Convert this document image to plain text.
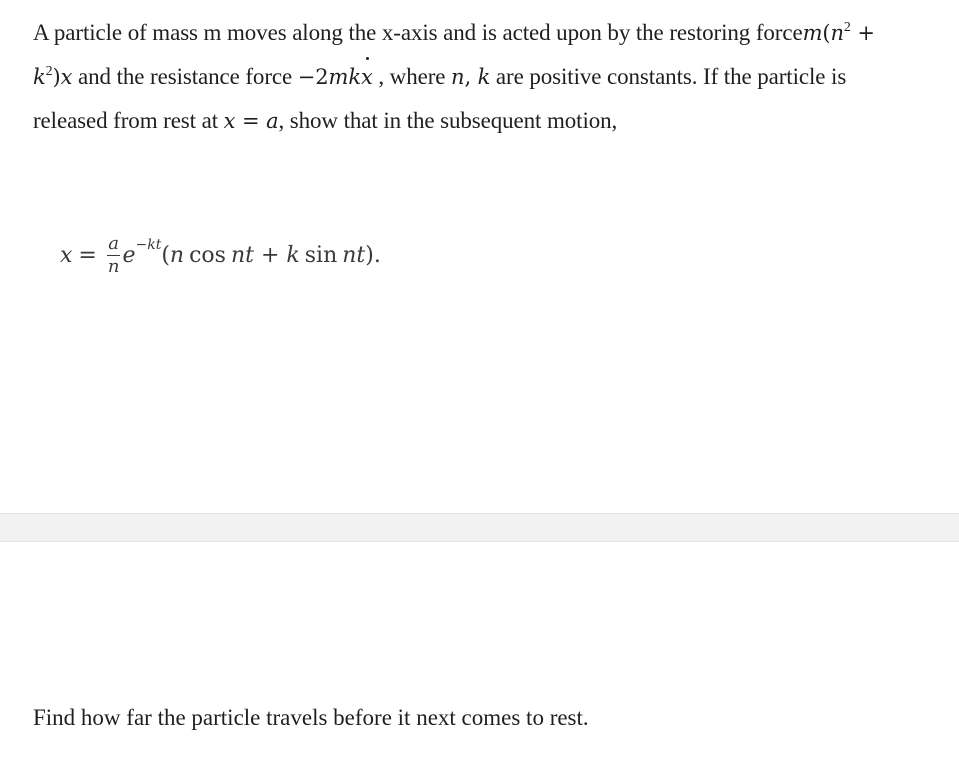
A particle of mass m moves along the x-axis and is acted upon by the restoring $forcem(n^2$ +
$k^2)x$ and the resistance force −2mkx , where n, k are positive constants. If the particle is
released from rest at x = a, show that in the subsequent motion,
$x = \frac{a}{n}$ e −kt ( n cos nt + k sin nt ).
Find how far the particle travels before it next comes to rest.
